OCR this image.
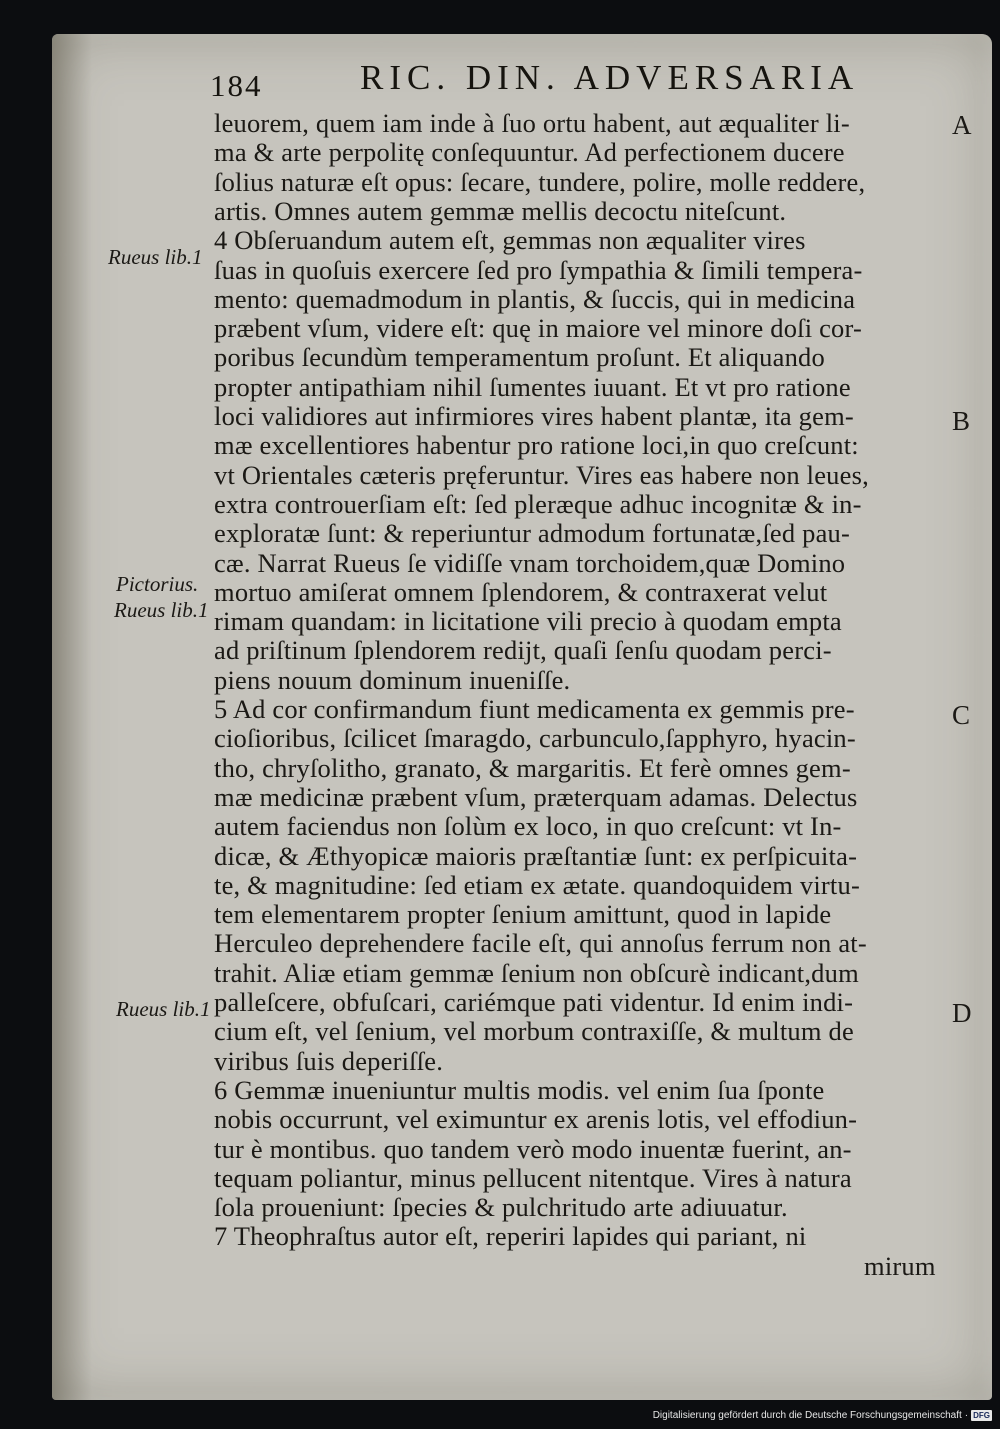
184	RIC. DIN. ADVERSARIA
leuorem, quem iam inde à ſuo ortu habent, aut æqualiter li-
ma & arte perpolitę conſequuntur. Ad perfectionem ducere
ſolius naturæ eſt opus: ſecare, tundere, polire, molle reddere,
artis. Omnes autem gemmæ mellis decoctu niteſcunt.
4 Obſeruandum autem eſt, gemmas non æqualiter vires
ſuas in quoſuis exercere ſed pro ſympathia & ſimili tempera-
mento: quemadmodum in plantis, & ſuccis, qui in medicina
præbent vſum, videre eſt: quę in maiore vel minore doſi cor-
poribus ſecundùm temperamentum proſunt. Et aliquando
propter antipathiam nihil ſumentes iuuant. Et vt pro ratione
loci validiores aut infirmiores vires habent plantæ, ita gem-
mæ excellentiores habentur pro ratione loci,in quo creſcunt:
vt Orientales cæteris pręferuntur. Vires eas habere non leues,
extra controuerſiam eſt: ſed pleræque adhuc incognitæ & in-
exploratæ ſunt: & reperiuntur admodum fortunatæ,ſed pau-
cæ. Narrat Rueus ſe vidiſſe vnam torchoidem,quæ Domino
mortuo amiſerat omnem ſplendorem, & contraxerat velut
rimam quandam: in licitatione vili precio à quodam empta
ad priſtinum ſplendorem redijt, quaſi ſenſu quodam perci-
piens nouum dominum inueniſſe.
5 Ad cor confirmandum fiunt medicamenta ex gemmis pre-
cioſioribus, ſcilicet ſmaragdo, carbunculo,ſapphyro, hyacin-
tho, chryſolitho, granato, & margaritis. Et ferè omnes gem-
mæ medicinæ præbent vſum, præterquam adamas. Delectus
autem faciendus non ſolùm ex loco, in quo creſcunt: vt In-
dicæ, & Æthyopicæ maioris præſtantiæ ſunt: ex perſpicuita-
te, & magnitudine: ſed etiam ex ætate. quandoquidem virtu-
tem elementarem propter ſenium amittunt, quod in lapide
Herculeo deprehendere facile eſt, qui annoſus ferrum non at-
trahit. Aliæ etiam gemmæ ſenium non obſcurè indicant,dum
palleſcere, obfuſcari, cariémque pati videntur. Id enim indi-
cium eſt, vel ſenium, vel morbum contraxiſſe, & multum de
viribus ſuis deperiſſe.
6 Gemmæ inueniuntur multis modis. vel enim ſua ſponte
nobis occurrunt, vel eximuntur ex arenis lotis, vel effodiun-
tur è montibus. quo tandem verò modo inuentæ fuerint, an-
tequam poliantur, minus pellucent nitentque. Vires à natura
ſola proueniunt: ſpecies & pulchritudo arte adiuuatur.
7 Theophraſtus autor eſt, reperiri lapides qui pariant, ni
mirum
Rueus lib.1
Pictorius.
Rueus lib.1
Rueus lib.1
A
B
C
D
Digitalisierung gefördert durch die Deutsche Forschungsgemeinschaft · DFG
